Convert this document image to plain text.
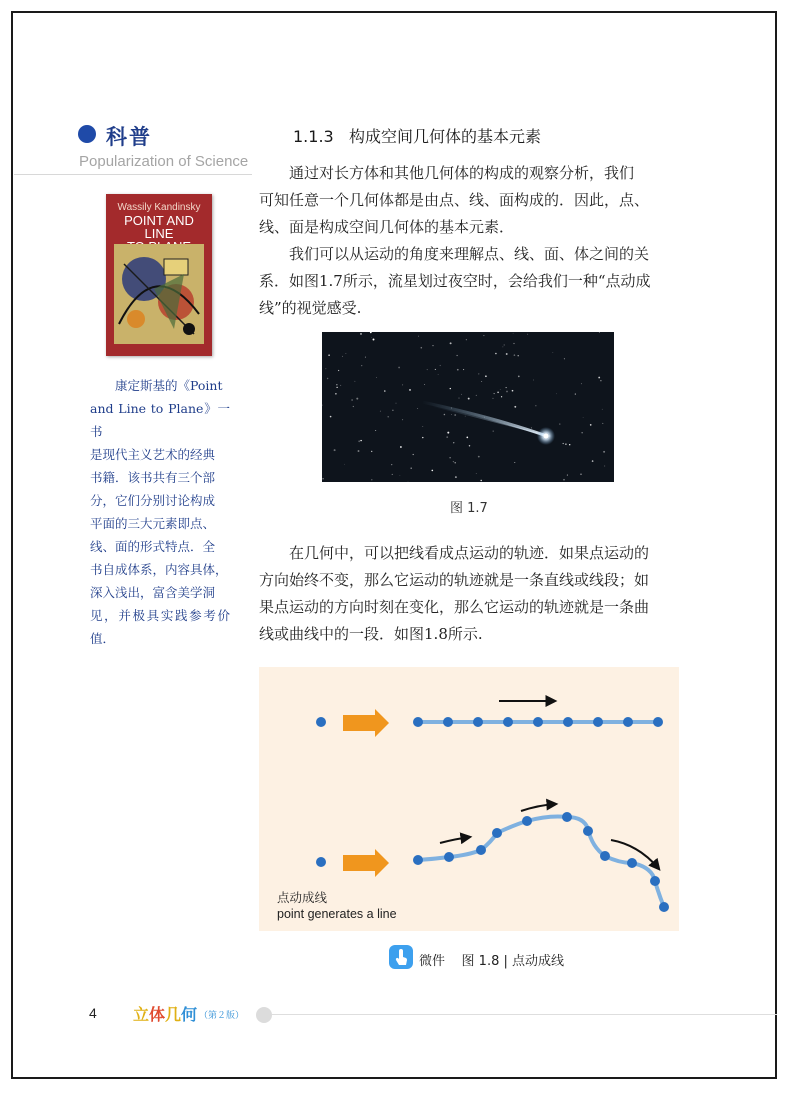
科普
Popularization of Science
Wassily Kandinsky
POINT AND LINE
　　康定斯基的《Point
and Line to Plane》一书
是现代主义艺术的经典
书籍．该书共有三个部
分，它们分别讨论构成
平面的三大元素即点、
线、面的形式特点．全
书自成体系，内容具体，
深入浅出，富含美学洞
见，并极具实践参考价值．
1.1.3 构成空间几何体的基本元素

通过对长方体和其他几何体的构成的观察分析，我们

可知任意一个几何体都是由点、线、面构成的．因此，点、

线、面是构成空间几何体的基本元素．

我们可以从运动的角度来理解点、线、面、体之间的关

系．如图1.7所示，流星划过夜空时，会给我们一种“点动成

线”的视觉感受.

图 1.7

在几何中，可以把线看成点运动的轨迹．如果点运动的

方向始终不变，那么它运动的轨迹就是一条直线或线段；如

果点运动的方向时刻在变化，那么它运动的轨迹就是一条曲

线或曲线中的一段．如图1.8所示.

点动成线
point generates a line
微件 图 1.8 | 点动成线
4 立体几何 （第２版）
